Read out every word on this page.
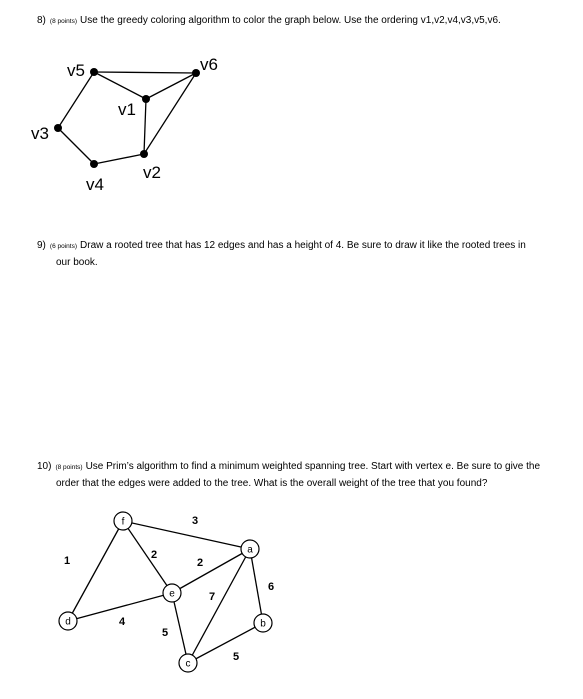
8) (8 points) Use the greedy coloring algorithm to color the graph below. Use the ordering v1,v2,v4,v3,v5,v6.
9) (6 points) Draw a rooted tree that has 12 edges and has a height of 4. Be sure to draw it like the rooted trees in
our book.
10) (8 points) Use Prim’s algorithm to find a minimum weighted spanning tree. Start with vertex e. Be sure to give the
order that the edges were added to the tree. What is the overall weight of the tree that you found?
v5	v6
v1
v3
v4
v2
3
1	2
2
6
7
4
5
5
f
a
e
d	b
c
